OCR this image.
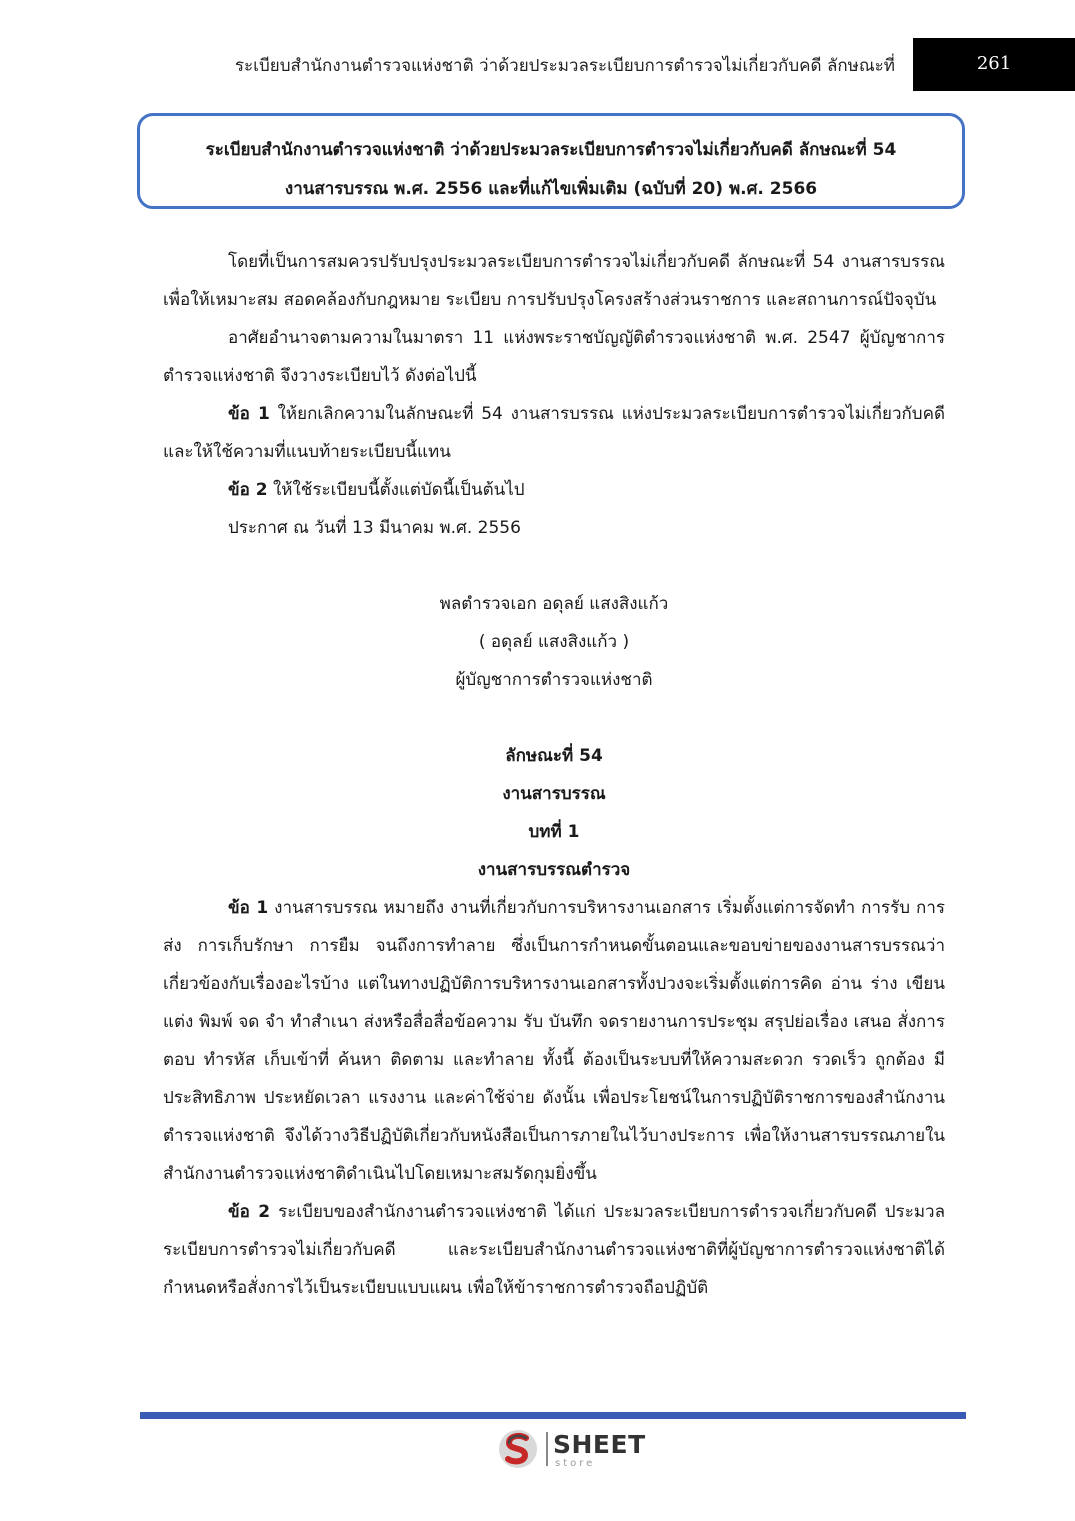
ระเบียบสำนักงานตำรวจแห่งชาติ ว่าด้วยประมวลระเบียบการตำรวจไม่เกี่ยวกับคดี ลักษณะที่	261
ระเบียบสำนักงานตำรวจแห่งชาติ ว่าด้วยประมวลระเบียบการตำรวจไม่เกี่ยวกับคดี ลักษณะที่ 54
งานสารบรรณ พ.ศ. 2556 และที่แก้ไขเพิ่มเติม (ฉบับที่ 20) พ.ศ. 2566

โดยที่เป็นการสมควรปรับปรุงประมวลระเบียบการตำรวจไม่เกี่ยวกับคดี ลักษณะที่ 54 งานสารบรรณ เพื่อให้เหมาะสม สอดคล้องกับกฎหมาย ระเบียบ การปรับปรุงโครงสร้างส่วนราชการ และสถานการณ์ปัจจุบัน

อาศัยอำนาจตามความในมาตรา 11 แห่งพระราชบัญญัติตำรวจแห่งชาติ พ.ศ. 2547 ผู้บัญชาการตำรวจแห่งชาติ จึงวางระเบียบไว้ ดังต่อไปนี้

ข้อ 1 ให้ยกเลิกความในลักษณะที่ 54 งานสารบรรณ แห่งประมวลระเบียบการตำรวจไม่เกี่ยวกับคดีและให้ใช้ความที่แนบท้ายระเบียบนี้แทน

ข้อ 2 ให้ใช้ระเบียบนี้ตั้งแต่บัดนี้เป็นต้นไป

ประกาศ ณ วันที่ 13 มีนาคม พ.ศ. 2556

พลตำรวจเอก อดุลย์ แสงสิงแก้ว

( อดุลย์ แสงสิงแก้ว )

ผู้บัญชาการตำรวจแห่งชาติ

ลักษณะที่ 54

งานสารบรรณ

บทที่ 1

งานสารบรรณตำรวจ

ข้อ 1 งานสารบรรณ หมายถึง งานที่เกี่ยวกับการบริหารงานเอกสาร เริ่มตั้งแต่การจัดทำ การรับ การส่ง การเก็บรักษา การยืม จนถึงการทำลาย ซึ่งเป็นการกำหนดขั้นตอนและขอบข่ายของงานสารบรรณว่าเกี่ยวข้องกับเรื่องอะไรบ้าง แต่ในทางปฏิบัติการบริหารงานเอกสารทั้งปวงจะเริ่มตั้งแต่การคิด อ่าน ร่าง เขียน แต่ง พิมพ์ จด จำ ทำสำเนา ส่งหรือสื่อสื่อข้อความ รับ บันทึก จดรายงานการประชุม สรุปย่อเรื่อง เสนอ สั่งการ ตอบ ทำรหัส เก็บเข้าที่ ค้นหา ติดตาม และทำลาย ทั้งนี้ ต้องเป็นระบบที่ให้ความสะดวก รวดเร็ว ถูกต้อง มีประสิทธิภาพ ประหยัดเวลา แรงงาน และค่าใช้จ่าย ดังนั้น เพื่อประโยชน์ในการปฏิบัติราชการของสำนักงานตำรวจแห่งชาติ จึงได้วางวิธีปฏิบัติเกี่ยวกับหนังสือเป็นการภายในไว้บางประการ เพื่อให้งานสารบรรณภายในสำนักงานตำรวจแห่งชาติดำเนินไปโดยเหมาะสมรัดกุมยิ่งขึ้น

ข้อ 2 ระเบียบของสำนักงานตำรวจแห่งชาติ ได้แก่ ประมวลระเบียบการตำรวจเกี่ยวกับคดี ประมวลระเบียบการตำรวจไม่เกี่ยวกับคดี และระเบียบสำนักงานตำรวจแห่งชาติที่ผู้บัญชาการตำรวจแห่งชาติได้กำหนดหรือสั่งการไว้เป็นระเบียบแบบแผน เพื่อให้ข้าราชการตำรวจถือปฏิบัติ

SHEET
store
